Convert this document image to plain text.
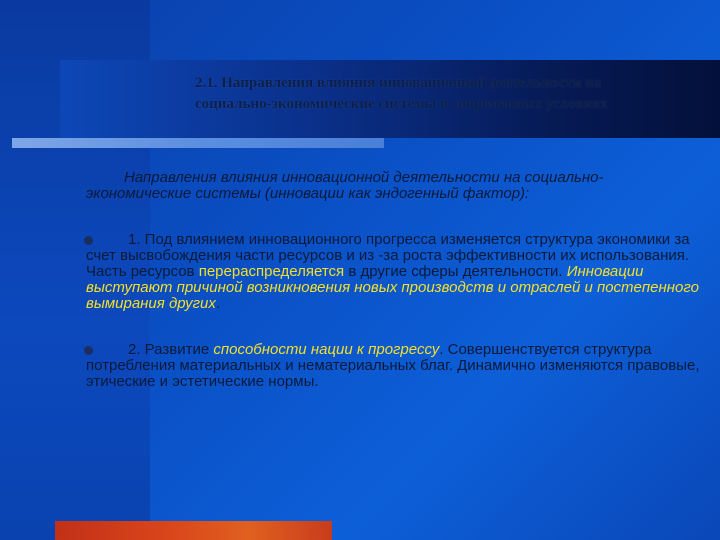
2.1. Направления влияния инновационной деятельности на
социально-экономические системы в современных условиях

Направления влияния инновационной деятельности на социально-экономические системы (инновации как эндогенный фактор):

1. Под влиянием инновационного прогресса изменяется структура экономики за счет высвобождения части ресурсов и из -за роста эффективности их использования. Часть ресурсов перераспределяется в другие сферы деятельности. Инновации выступают причиной возникновения новых производств и отраслей и постепенного вымирания других.

2. Развитие способности нации к прогрессу. Совершенствуется структура потребления материальных и нематериальных благ. Динамично изменяются правовые, этические и эстетические нормы.
